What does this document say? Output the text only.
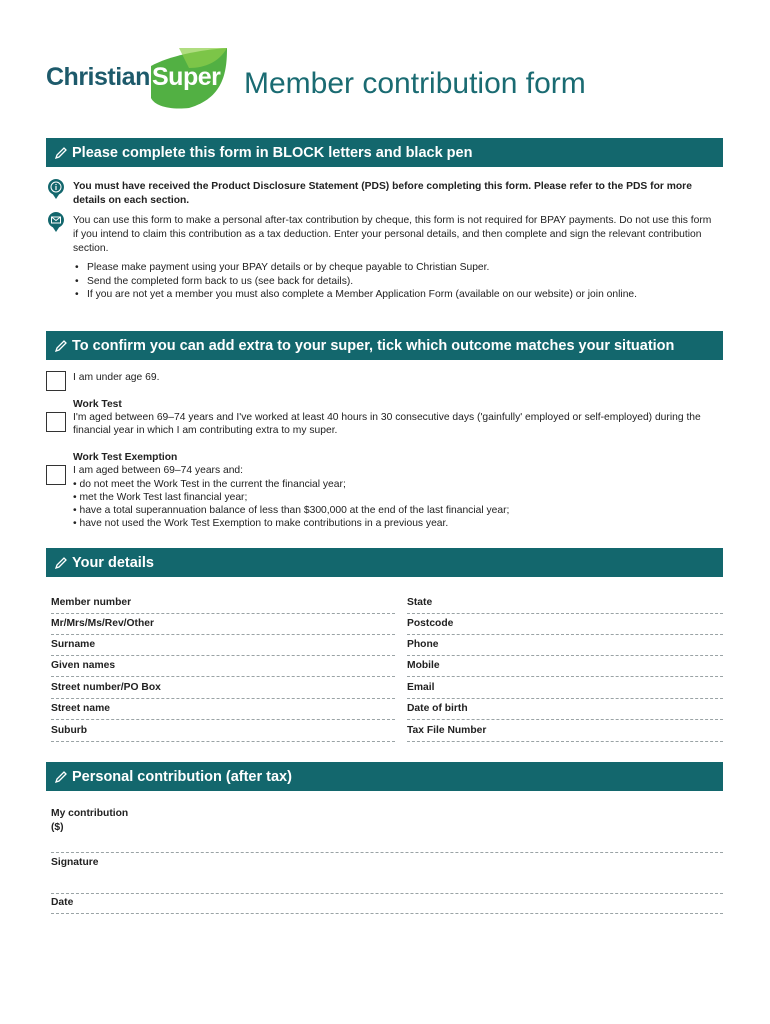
Christian Super Member contribution form
Please complete this form in BLOCK letters and black pen
You must have received the Product Disclosure Statement (PDS) before completing this form. Please refer to the PDS for more details on each section.
You can use this form to make a personal after-tax contribution by cheque, this form is not required for BPAY payments. Do not use this form if you intend to claim this contribution as a tax deduction. Enter your personal details, and then complete and sign the relevant contribution section.
• Please make payment using your BPAY details or by cheque payable to Christian Super.
• Send the completed form back to us (see back for details).
• If you are not yet a member you must also complete a Member Application Form (available on our website) or join online.
To confirm you can add extra to your super, tick which outcome matches your situation
I am under age 69.
Work Test
I'm aged between 69–74 years and I've worked at least 40 hours in 30 consecutive days ('gainfully' employed or self-employed) during the financial year in which I am contributing extra to my super.
Work Test Exemption
I am aged between 69–74 years and:
• do not meet the Work Test in the current the financial year;
• met the Work Test last financial year;
• have a total superannuation balance of less than $300,000 at the end of the last financial year;
• have not used the Work Test Exemption to make contributions in a previous year.
Your details
Member number
Mr/Mrs/Ms/Rev/Other
Surname
Given names
Street number/PO Box
Street name
Suburb
State
Postcode
Phone
Mobile
Email
Date of birth
Tax File Number
Personal contribution (after tax)
My contribution
($)
Signature
Date
